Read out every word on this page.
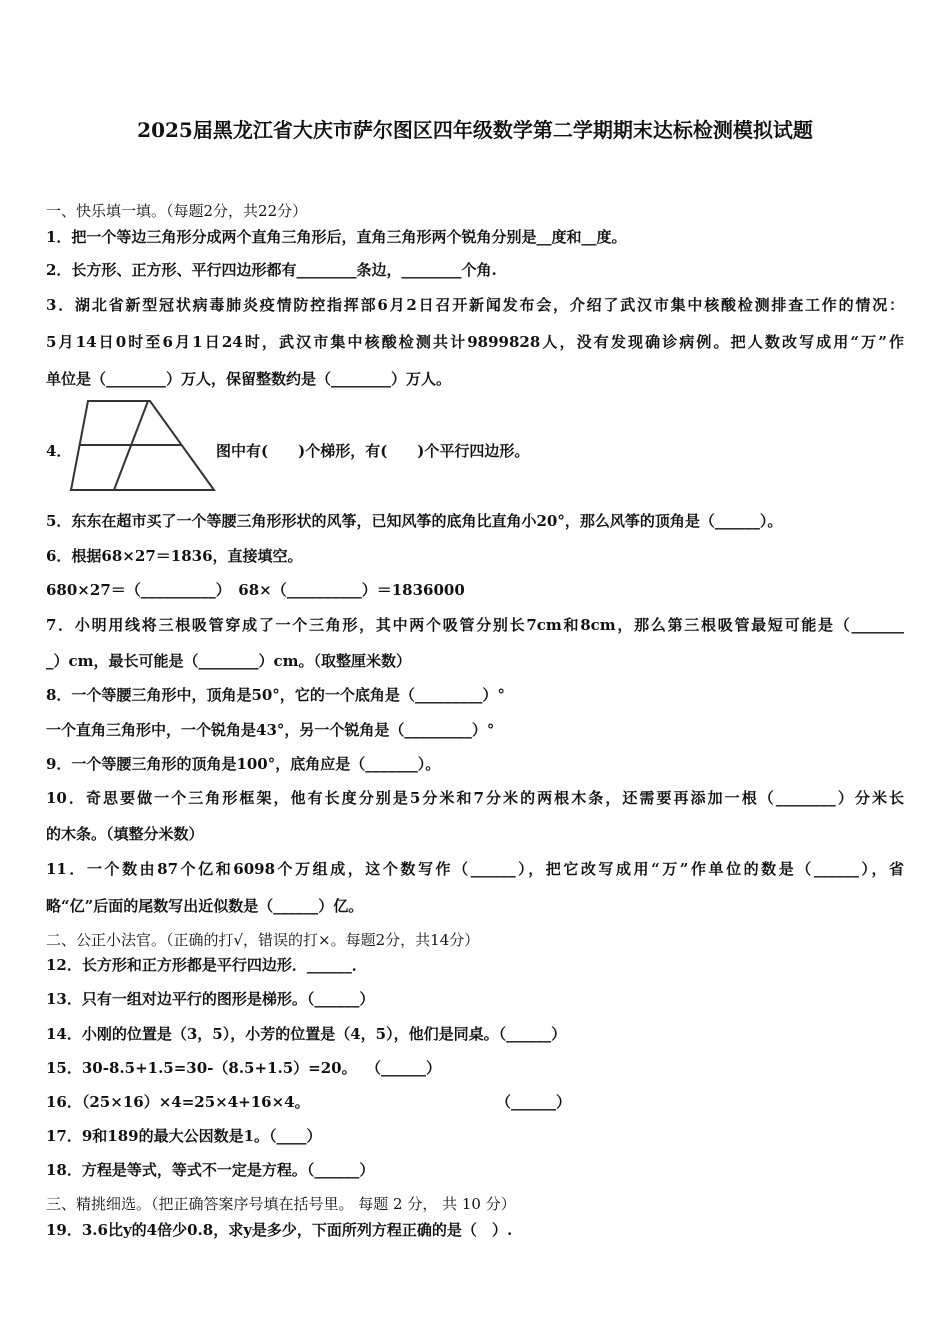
2025届黑龙江省大庆市萨尔图区四年级数学第二学期期末达标检测模拟试题
一、快乐填一填。（每题2分，共22分）
1．把一个等边三角形分成两个直角三角形后，直角三角形两个锐角分别是__度和__度。
2．长方形、正方形、平行四边形都有________条边，________个角.
3．湖北省新型冠状病毒肺炎疫情防控指挥部6月2日召开新闻发布会，介绍了武汉市集中核酸检测排查工作的情况：
5月14日0时至6月1日24时，武汉市集中核酸检测共计9899828人，没有发现确诊病例。把人数改写成用“万”作
单位是（________）万人，保留整数约是（________）万人。
4．	图中有(　　)个梯形，有(　　)个平行四边形。
5．东东在超市买了一个等腰三角形形状的风筝，已知风筝的底角比直角小20°，那么风筝的顶角是（______）。
6．根据68×27＝1836，直接填空。
680×27＝（__________）　68×（__________）＝1836000
7．小明用线将三根吸管穿成了一个三角形，其中两个吸管分别长7cm和8cm，那么第三根吸管最短可能是（_______
_）cm，最长可能是（________）cm。（取整厘米数）
8．一个等腰三角形中，顶角是50°，它的一个底角是（_________）°
一个直角三角形中，一个锐角是43°，另一个锐角是（_________）°
9．一个等腰三角形的顶角是100°，底角应是（_______）。
10．奇思要做一个三角形框架，他有长度分别是5分米和7分米的两根木条，还需要再添加一根（________）分米长
的木条。（填整分米数）
11．一个数由87个亿和6098个万组成，这个数写作（______），把它改写成用“万”作单位的数是（______），省
略“亿”后面的尾数写出近似数是（______）亿。
二、公正小法官。（正确的打√，错误的打×。每题2分，共14分）
12．长方形和正方形都是平行四边形．______．
13．只有一组对边平行的图形是梯形。（______）
14．小刚的位置是（3，5），小芳的位置是（4，5），他们是同桌。（______）
15．30-8.5+1.5=30-（8.5+1.5）=20。 （______）
16．（25×16）×4=25×4+16×4。	（______）
17．9和189的最大公因数是1。（____）
18．方程是等式，等式不一定是方程。（______）
三、精挑细选。（把正确答案序号填在括号里。 每题 2 分， 共 10 分）
19．3.6比y的4倍少0.8，求y是多少，下面所列方程正确的是（　）.
